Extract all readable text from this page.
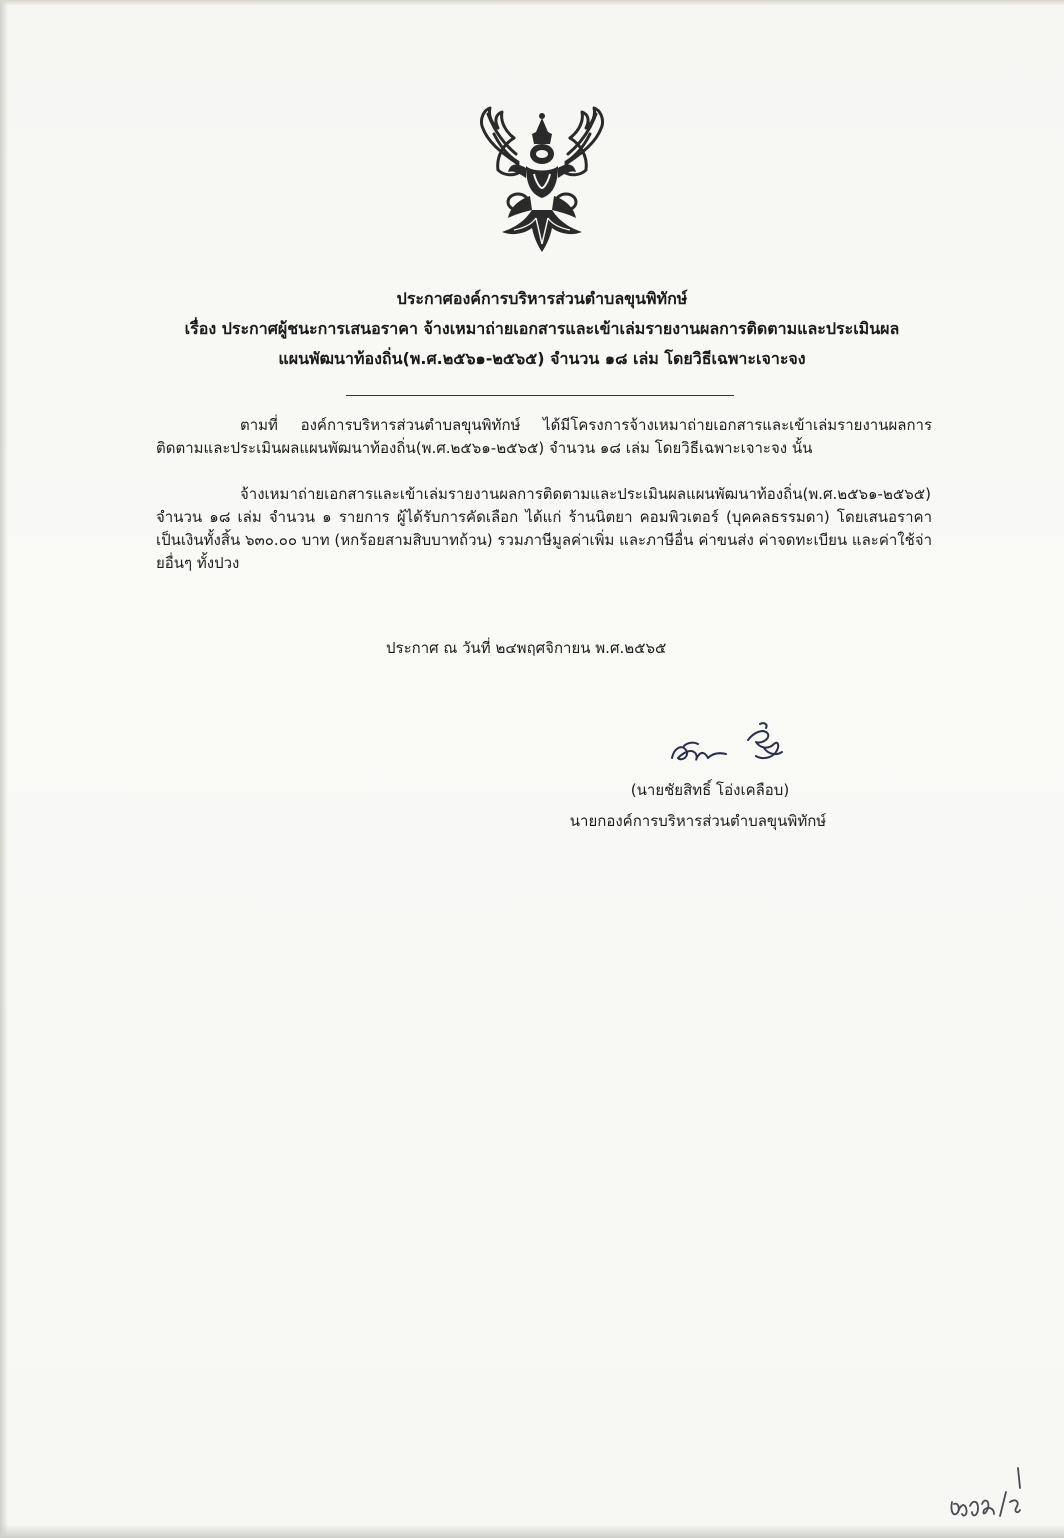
ประกาศองค์การบริหารส่วนตำบลขุนพิทักษ์
เรื่อง ประกาศผู้ชนะการเสนอราคา จ้างเหมาถ่ายเอกสารและเข้าเล่มรายงานผลการติดตามและประเมินผล
แผนพัฒนาท้องถิ่น(พ.ศ.๒๕๖๑-๒๕๖๕) จำนวน ๑๘ เล่ม โดยวิธีเฉพาะเจาะจง
ตามที่ องค์การบริหารส่วนตำบลขุนพิทักษ์ ได้มีโครงการจ้างเหมาถ่ายเอกสารและเข้าเล่มรายงานผลการติดตามและประเมินผลแผนพัฒนาท้องถิ่น(พ.ศ.๒๕๖๑-๒๕๖๕) จำนวน ๑๘ เล่ม โดยวิธีเฉพาะเจาะจง นั้น
จ้างเหมาถ่ายเอกสารและเข้าเล่มรายงานผลการติดตามและประเมินผลแผนพัฒนาท้องถิ่น(พ.ศ.๒๕๖๑-๒๕๖๕) จำนวน ๑๘ เล่ม จำนวน ๑ รายการ ผู้ได้รับการคัดเลือก ได้แก่ ร้านนิตยา คอมพิวเตอร์ (บุคคลธรรมดา) โดยเสนอราคา เป็นเงินทั้งสิ้น ๖๓๐.๐๐ บาท (หกร้อยสามสิบบาทถ้วน) รวมภาษีมูลค่าเพิ่ม และภาษีอื่น ค่าขนส่ง ค่าจดทะเบียน และค่าใช้จ่ายอื่นๆ ทั้งปวง
ประกาศ ณ วันที่ ๒๔พฤศจิกายน พ.ศ.๒๕๖๕
(นายชัยสิทธิ์ โอ่งเคลือบ)
นายกองค์การบริหารส่วนตำบลขุนพิทักษ์
